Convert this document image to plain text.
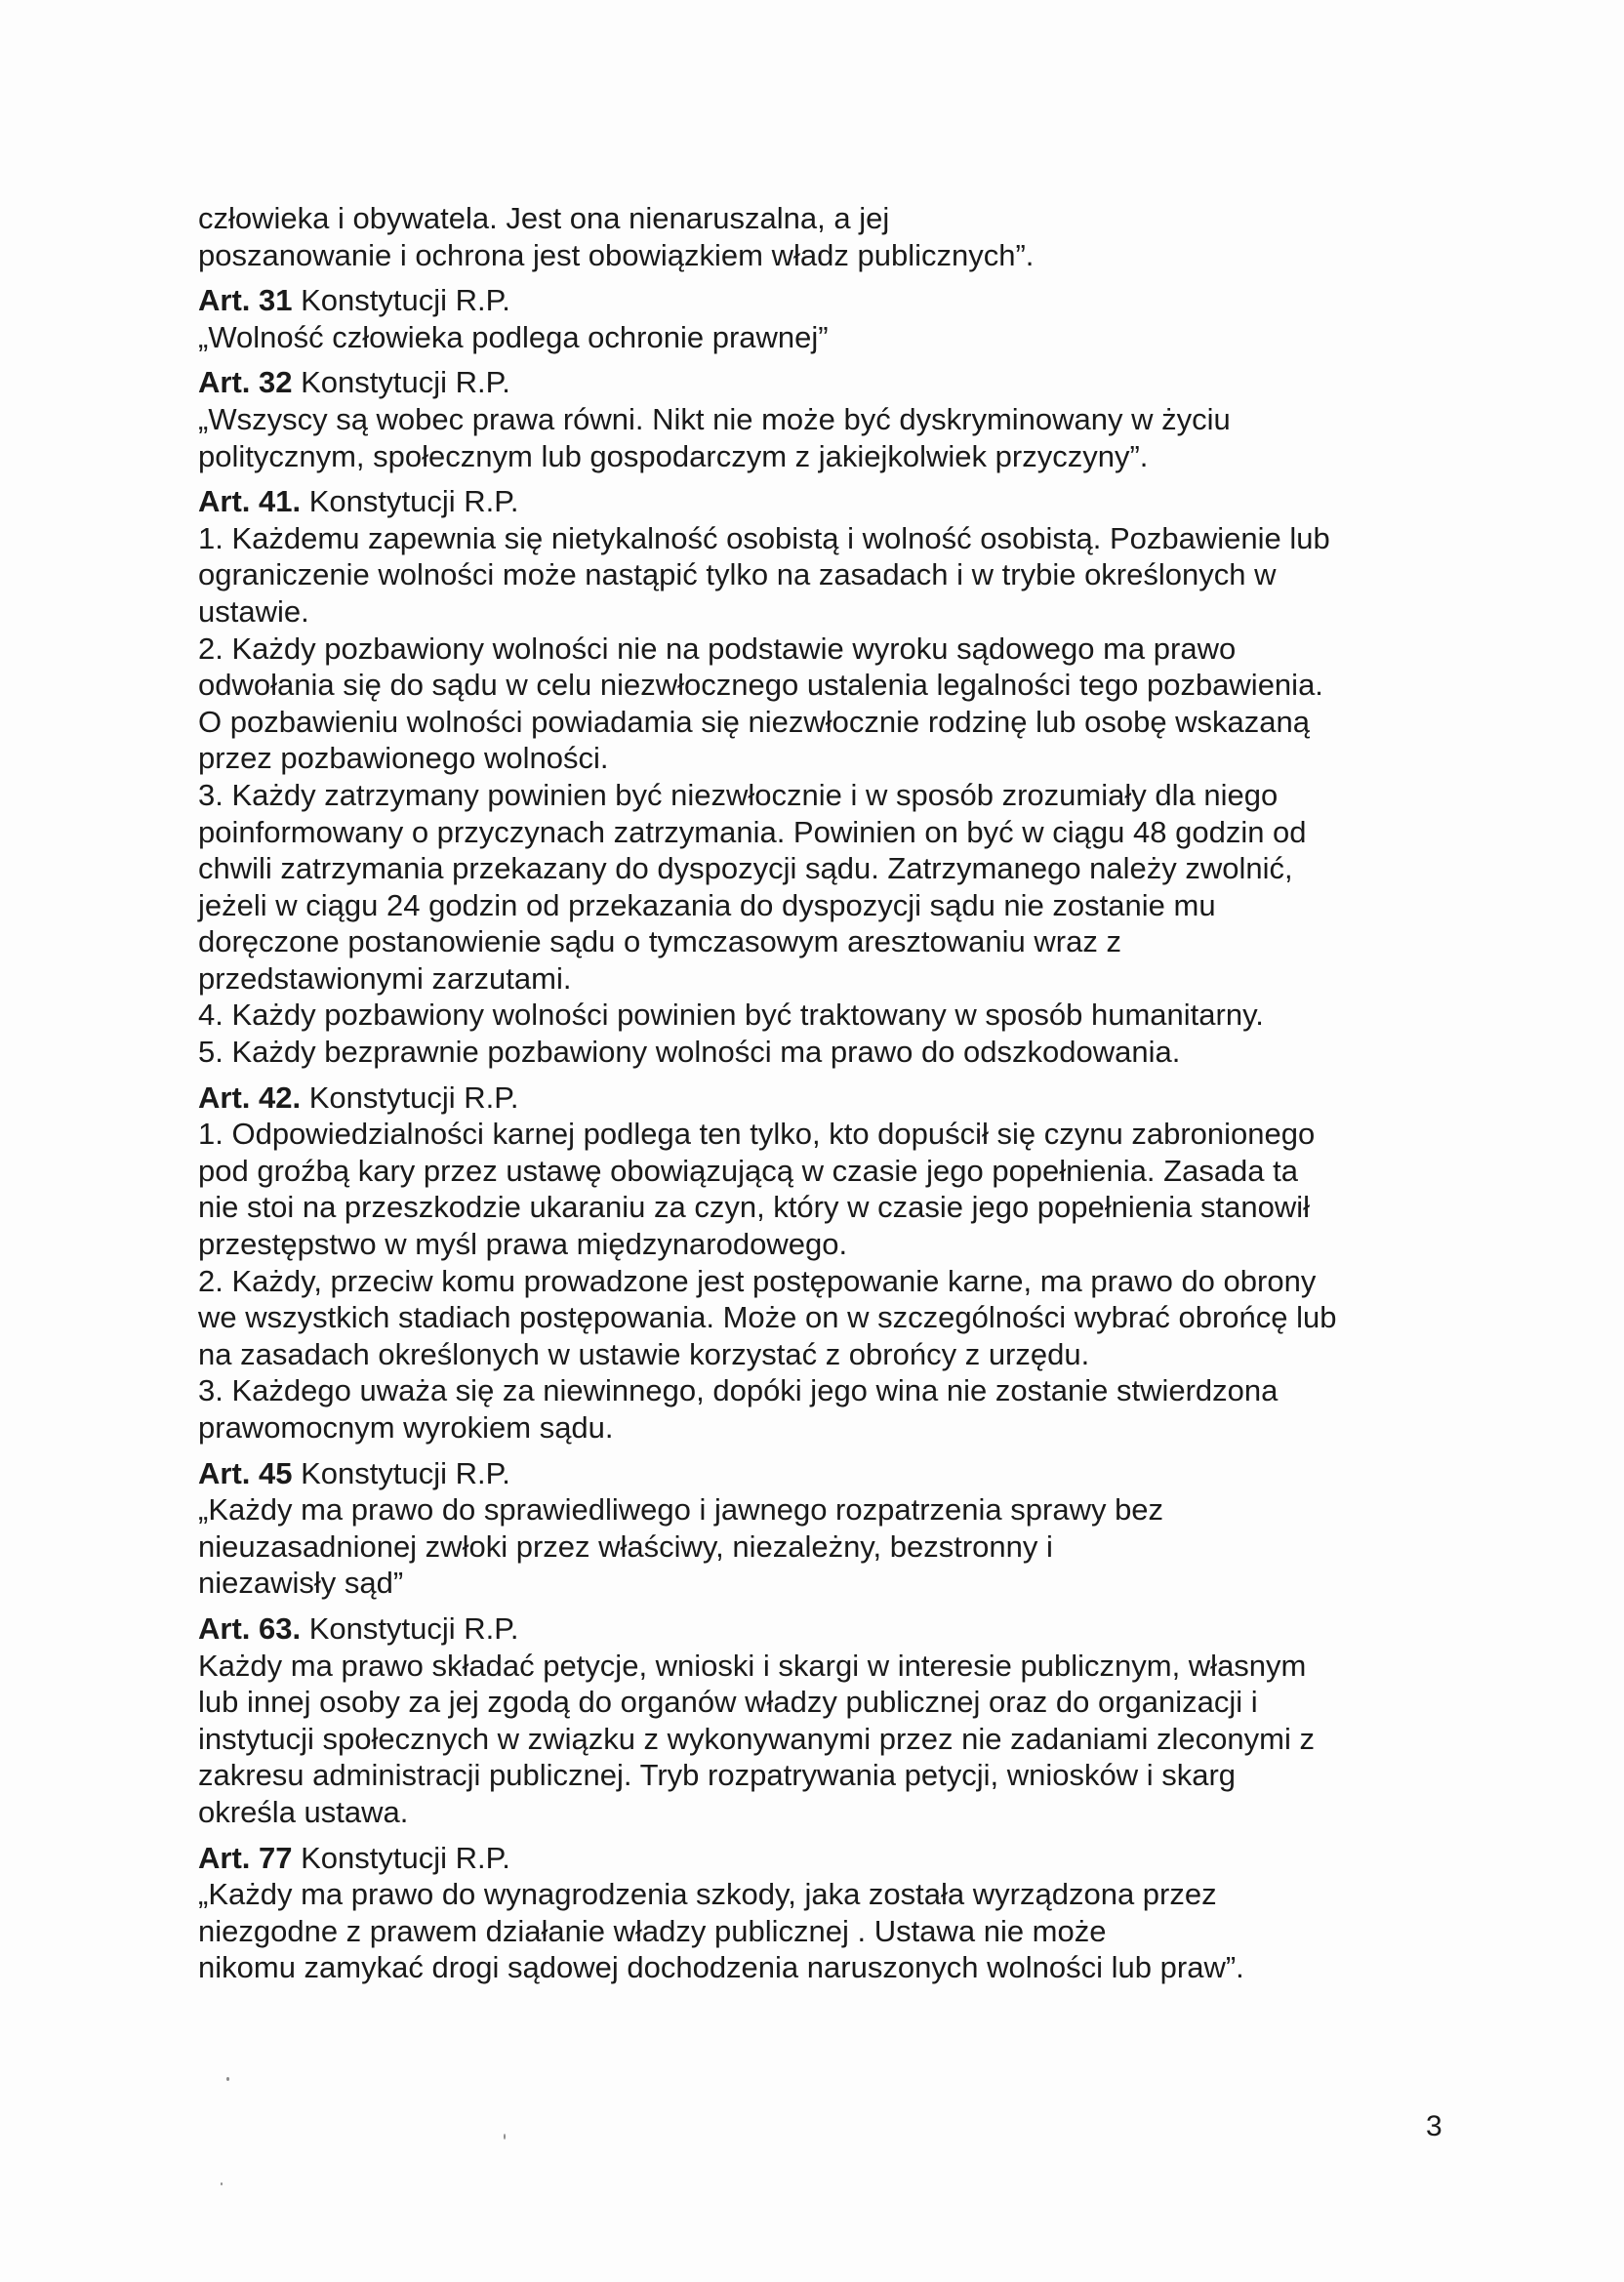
człowieka i obywatela. Jest ona nienaruszalna, a jej
poszanowanie i ochrona jest obowiązkiem władz publicznych”.
Art. 31 Konstytucji R.P.
„Wolność człowieka podlega ochronie prawnej”
Art. 32 Konstytucji R.P.
„Wszyscy są wobec prawa równi. Nikt nie może być dyskryminowany w życiu
politycznym, społecznym lub gospodarczym z jakiejkolwiek przyczyny”.
Art. 41. Konstytucji R.P.
1. Każdemu zapewnia się nietykalność osobistą i wolność osobistą. Pozbawienie lub
ograniczenie wolności może nastąpić tylko na zasadach i w trybie określonych w
ustawie.
2. Każdy pozbawiony wolności nie na podstawie wyroku sądowego ma prawo
odwołania się do sądu w celu niezwłocznego ustalenia legalności tego pozbawienia.
O pozbawieniu wolności powiadamia się niezwłocznie rodzinę lub osobę wskazaną
przez pozbawionego wolności.
3. Każdy zatrzymany powinien być niezwłocznie i w sposób zrozumiały dla niego
poinformowany o przyczynach zatrzymania. Powinien on być w ciągu 48 godzin od
chwili zatrzymania przekazany do dyspozycji sądu. Zatrzymanego należy zwolnić,
jeżeli w ciągu 24 godzin od przekazania do dyspozycji sądu nie zostanie mu
doręczone postanowienie sądu o tymczasowym aresztowaniu wraz z
przedstawionymi zarzutami.
4. Każdy pozbawiony wolności powinien być traktowany w sposób humanitarny.
5. Każdy bezprawnie pozbawiony wolności ma prawo do odszkodowania.
Art. 42. Konstytucji R.P.
1. Odpowiedzialności karnej podlega ten tylko, kto dopuścił się czynu zabronionego
pod groźbą kary przez ustawę obowiązującą w czasie jego popełnienia. Zasada ta
nie stoi na przeszkodzie ukaraniu za czyn, który w czasie jego popełnienia stanowił
przestępstwo w myśl prawa międzynarodowego.
2. Każdy, przeciw komu prowadzone jest postępowanie karne, ma prawo do obrony
we wszystkich stadiach postępowania. Może on w szczególności wybrać obrońcę lub
na zasadach określonych w ustawie korzystać z obrońcy z urzędu.
3. Każdego uważa się za niewinnego, dopóki jego wina nie zostanie stwierdzona
prawomocnym wyrokiem sądu.
Art. 45 Konstytucji R.P.
„Każdy ma prawo do sprawiedliwego i jawnego rozpatrzenia sprawy bez
nieuzasadnionej zwłoki przez właściwy, niezależny, bezstronny i
niezawisły sąd”
Art. 63. Konstytucji R.P.
Każdy ma prawo składać petycje, wnioski i skargi w interesie publicznym, własnym
lub innej osoby za jej zgodą do organów władzy publicznej oraz do organizacji i
instytucji społecznych w związku z wykonywanymi przez nie zadaniami zleconymi z
zakresu administracji publicznej. Tryb rozpatrywania petycji, wniosków i skarg
określa ustawa.
Art. 77 Konstytucji R.P.
„Każdy ma prawo do wynagrodzenia szkody, jaka została wyrządzona przez
niezgodne z prawem działanie władzy publicznej . Ustawa nie może
nikomu zamykać drogi sądowej dochodzenia naruszonych wolności lub praw”.
3
